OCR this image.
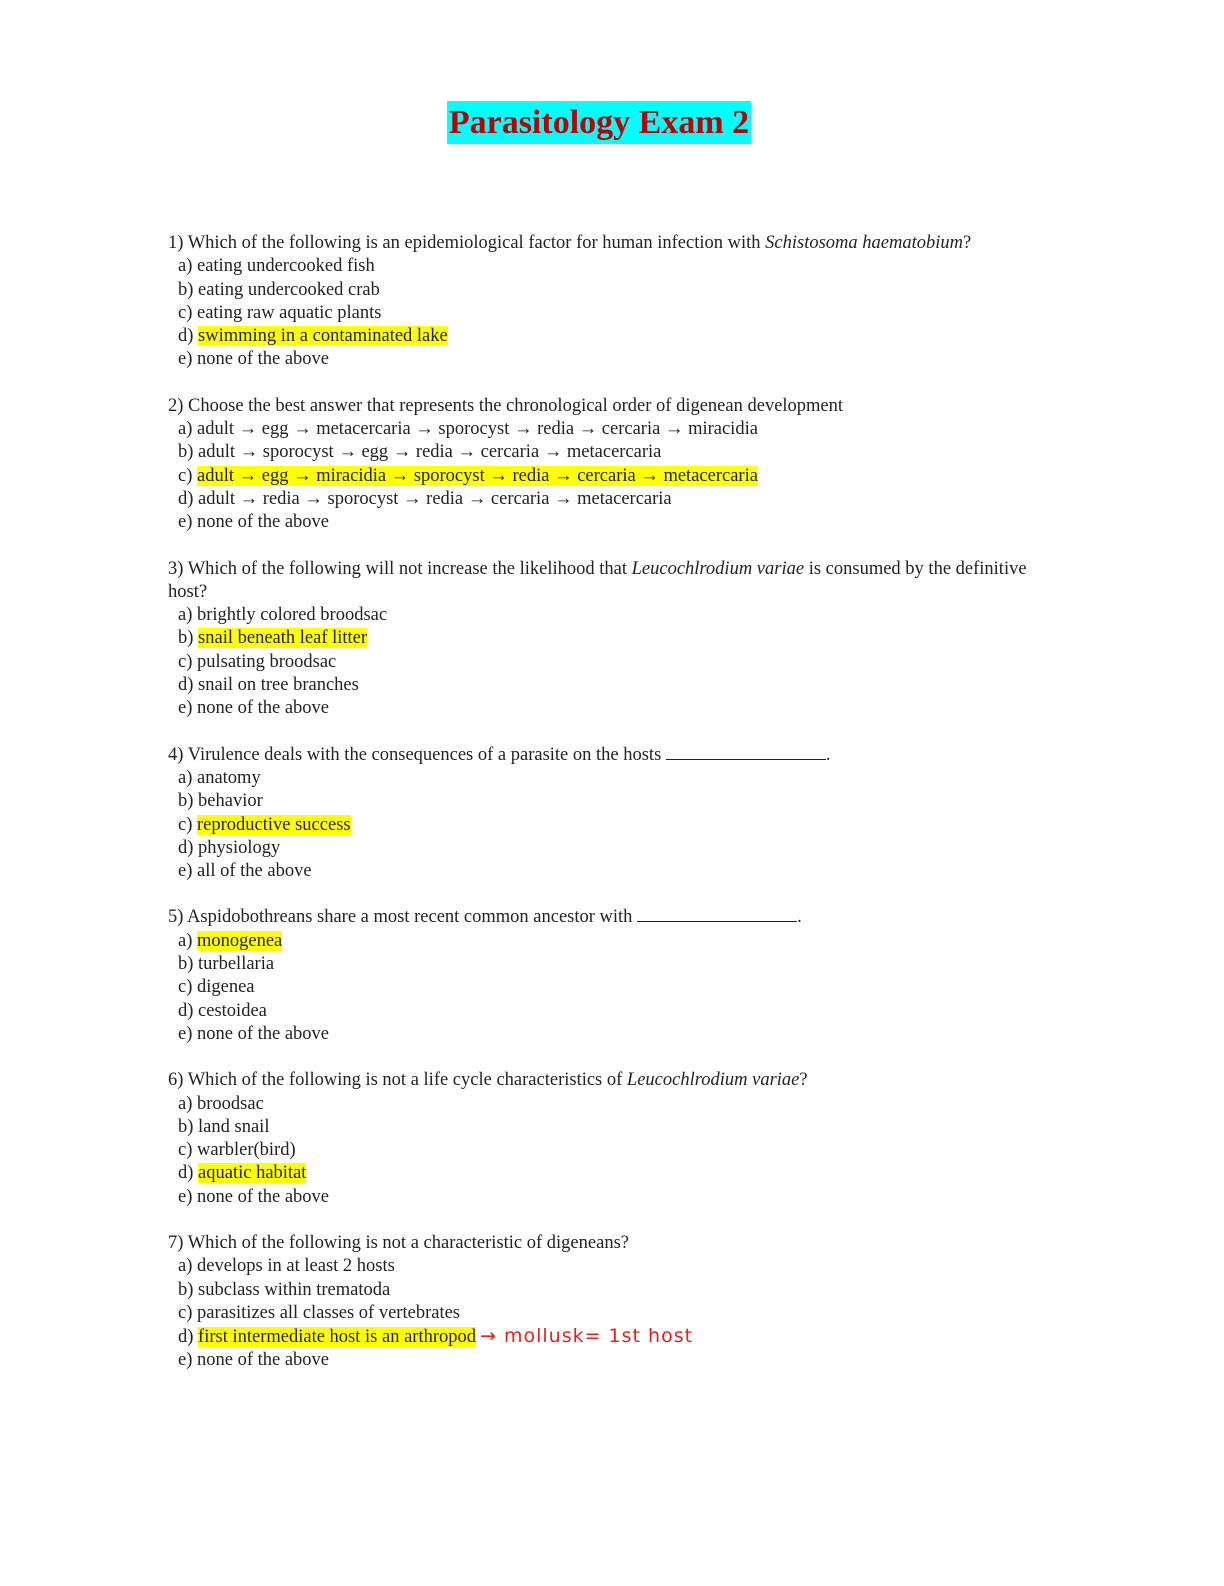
Parasitology Exam 2

1) Which of the following is an epidemiological factor for human infection with Schistosoma haematobium?

a) eating undercooked fish

b) eating undercooked crab

c) eating raw aquatic plants

d) swimming in a contaminated lake

e) none of the above

2) Choose the best answer that represents the chronological order of digenean development

a) adult → egg → metacercaria → sporocyst → redia → cercaria → miracidia

b) adult → sporocyst → egg → redia → cercaria → metacercaria

c) adult → egg → miracidia → sporocyst → redia → cercaria → metacercaria

d) adult → redia → sporocyst → redia → cercaria → metacercaria

e) none of the above

3) Which of the following will not increase the likelihood that Leucochlrodium variae is consumed by the definitive host?

a) brightly colored broodsac

b) snail beneath leaf litter

c) pulsating broodsac

d) snail on tree branches

e) none of the above

4) Virulence deals with the consequences of a parasite on the hosts	.

a) anatomy

b) behavior

c) reproductive success

d) physiology

e) all of the above

5) Aspidobothreans share a most recent common ancestor with	.

a) monogenea

b) turbellaria

c) digenea

d) cestoidea

e) none of the above

6) Which of the following is not a life cycle characteristics of Leucochlrodium variae?

a) broodsac

b) land snail

c) warbler(bird)

d) aquatic habitat

e) none of the above

7) Which of the following is not a characteristic of digeneans?

a) develops in at least 2 hosts

b) subclass within trematoda

c) parasitizes all classes of vertebrates

d) first intermediate host is an arthropod → mollusk= 1st host

e) none of the above
